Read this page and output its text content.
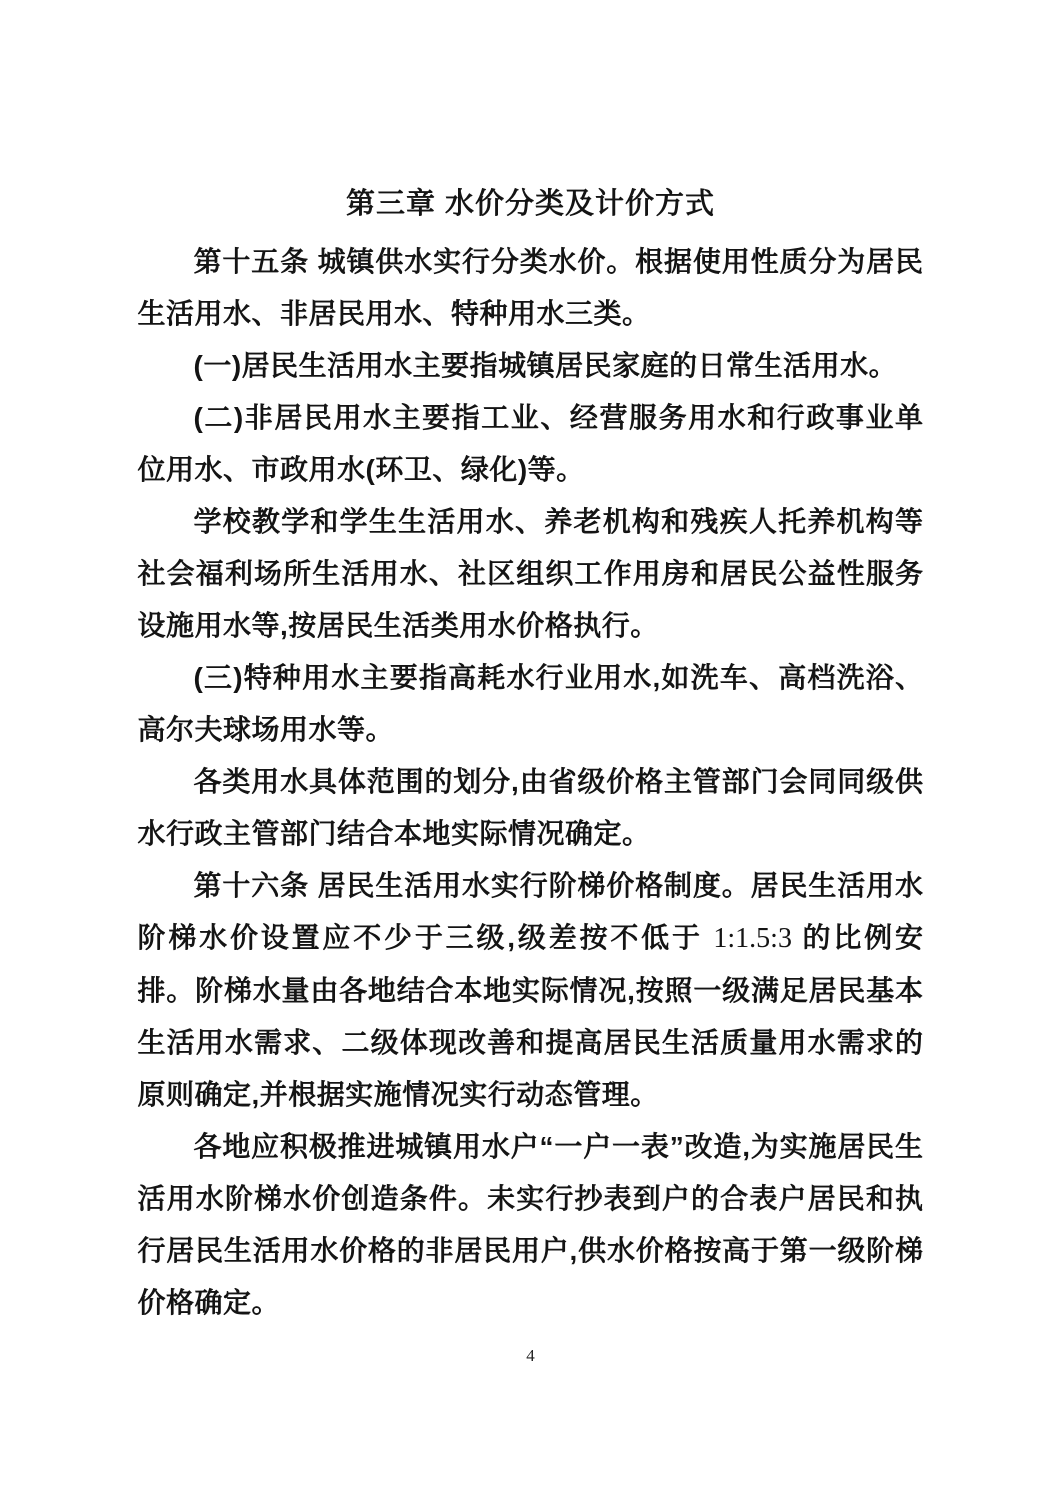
第三章 水价分类及计价方式

第十五条 城镇供水实行分类水价。根据使用性质分为居民生活用水、非居民用水、特种用水三类。

(一)居民生活用水主要指城镇居民家庭的日常生活用水。

(二)非居民用水主要指工业、经营服务用水和行政事业单位用水、市政用水(环卫、绿化)等。

学校教学和学生生活用水、养老机构和残疾人托养机构等社会福利场所生活用水、社区组织工作用房和居民公益性服务设施用水等,按居民生活类用水价格执行。

(三)特种用水主要指高耗水行业用水,如洗车、高档洗浴、高尔夫球场用水等。

各类用水具体范围的划分,由省级价格主管部门会同同级供水行政主管部门结合本地实际情况确定。

第十六条 居民生活用水实行阶梯价格制度。居民生活用水阶梯水价设置应不少于三级,级差按不低于 1:1.5:3 的比例安排。阶梯水量由各地结合本地实际情况,按照一级满足居民基本生活用水需求、二级体现改善和提高居民生活质量用水需求的原则确定,并根据实施情况实行动态管理。

各地应积极推进城镇用水户“一户一表”改造,为实施居民生活用水阶梯水价创造条件。未实行抄表到户的合表户居民和执行居民生活用水价格的非居民用户,供水价格按高于第一级阶梯价格确定。

4
